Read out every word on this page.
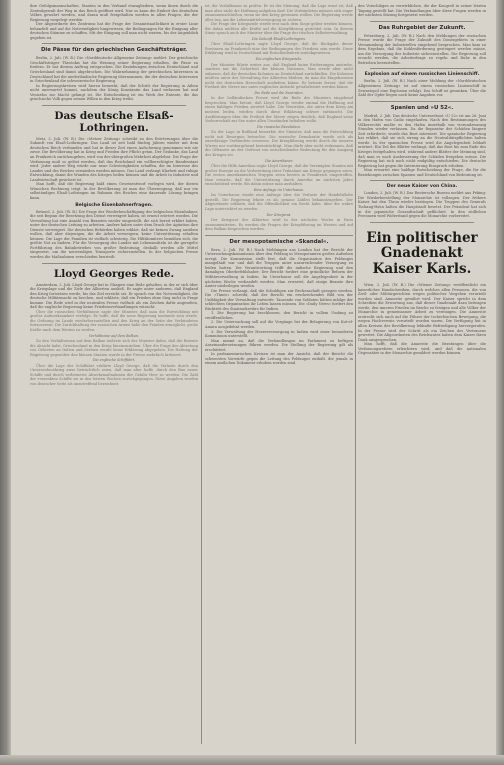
ihre Gefolgsmannschaften, Staaten in den Verband einzugliedern, wenn ihnen durch die Zentralgewalt der Weg in das Reich geöffnet wird. Nur so kann die Einheit des deutschen Volkes gewahrt werden, und daran muß festgehalten werden in allen Fragen, die der Regierung vorgelegt werden.

Der Abgeordnete des Zentrums hat die Frage der Gesamtstaatlichkeit in erster Linie behandelt und auf die Notwendigkeit hingewiesen, die Bedingungen für die Einigung aller deutschen Stämme zu schaffen. Mit der Einigung soll man nicht warten, bis der Augenblick gegeben ist.

Die Pässe für den griechischen Geschäftsträger.

Berlin, 2. Juli. (W. B.) Die »Norddeutsche Allgemeine Zeitung« meldet: Der griechische Geschäftsträger Theotokis hat die Weisung seiner Regierung erhalten, die Pässe zu fordern. Er hat diesem Auftrag entsprochen. Die Beziehungen zwischen Deutschland und Griechenland sind damit abgebrochen. Die Wahrnehmung der griechischen Interessen in Deutschland hat die niederländische Regierung übernommen, die der deutschen Interessen in Griechenland die schweizerische Regierung.

In Regierungskreisen wird hierzu bemerkt, daß der Schritt der Regierung in Athen nicht unerwartet kommt, nachdem der König Konstantin das Land verlassen hat und Venizelos zur Macht gelangt ist. Die Entscheidung ist ein Werk der Entente, die das griechische Volk gegen seinen Willen in den Krieg treibt.

Das deutsche Elsaß-Lothringen.

Metz, 2. Juli. (W. B.) Die »Metzer Zeitung« schreibt zu den Erörterungen über die Zukunft von Elsaß-Lothringen: Das Land ist seit bald fünfzig Jahren wieder mit dem deutschen Reich verbunden und hat in dieser Zeit einen Aufschwung genommen wie nie zuvor. Die Bevölkerung hat in Krieg und Frieden ihre Pflicht getan. Der Gedanke, das Land an Frankreich zurückzugeben, wird von der übergroßen Mehrheit abgelehnt. Die Frage der Verfassung muß so gelöst werden, daß das Reichsland ein vollberechtigter Bundesstaat wird. Jeder andere Weg würde nur neue Schwierigkeiten schaffen, die im Interesse des Landes und des Reiches vermieden werden müssen. Das Land verlangt Klarheit und ruhige Entwicklung, damit die Wunden des Krieges heilen können und die Arbeit in Industrie und Landwirtschaft gesichert ist.

Man hofft, daß die Regierung bald einen Gesetzentwurf vorlegen wird, der diesen Wünschen Rechnung trägt. In der Bevölkerung ist man der Überzeugung, daß nur ein selbständiges Elsaß-Lothringen im Rahmen des Reiches eine dauernde Lösung bringen kann.

Belgische Eisenbahnerfragen.

Brüssel, 2. Juli. (W. B.) Die Frage der Wiederbeschäftigung der belgischen Eisenbahner, die seit Beginn der Besetzung den Dienst verweigert haben, ist erneut erörtert worden. Die Verwaltung hat eine Anzahl von Beamten wieder eingestellt, die sich bereit erklärt haben, unter der deutschen Leitung zu arbeiten. Andere haben unter dem Druck der Agitation ihre Dienste verweigert. Die deutschen Behörden haben erklärt, daß sie keinen Zwang ausüben wollen, daß aber diejenigen, die die Arbeit verweigern, keine Unterstützung erhalten können. Die Lage der Familien ist vielfach schwierig. Die Hilfskomitees bemühen sich, die größte Not zu lindern. Für die Versorgung des Landes mit Lebensmitteln ist die geregelte Fortführung des Bahnbetriebes von großer Bedeutung; deshalb werden alle Mittel eingesetzt, um die notwendigen Transporte sicherzustellen. In der belgischen Presse werden die Maßnahmen verschieden beurteilt.

Lloyd Georges Rede.

Amsterdam, 2. Juli. Lloyd George hat in Glasgow eine Rede gehalten, in der er sich über die Kriegslage und die Ziele der Alliierten ausließ. Er sagte unter anderem, daß England den Krieg fortsetzen werde, bis das Ziel erreicht sei. Er sprach von der Notwendigkeit, die deutsche Militärmacht zu brechen, und erklärte, daß ein Frieden ohne Sieg nicht in Frage komme. Die Rede wird in der neutralen Presse vielfach als ein Zeichen dafür angesehen, daß die englische Regierung keine Friedensverhandlungen wünscht.

Über die russischen Verhältnisse sagte der Minister, daß man die Entwicklung mit großer Aufmerksamkeit verfolge. Er hoffe, daß die neue Regierung imstande sein werde, die Ordnung im Lande wiederherzustellen und den Krieg an der Seite der Verbündeten fortzusetzen. Die Zurückhaltung der russischen Armee habe den Feinden ermöglicht, große Kräfte nach dem Westen zu werfen.

Verhältnisse auf dem Balkan.

Zu den Verhältnissen auf dem Balkan äußerte sich der Minister dahin, daß die Entente die Absicht habe, Griechenland in den Krieg hineinzuziehen. Über die Frage der Abtretung von Gebieten an Italien und Serbien wurde keine Erklärung abgegeben. Die Haltung der Regierung gegenüber den kleinen Staaten wurde in der Presse mehrfach kritisiert.

Die englische Schiffahrt.

Über die Lage der Schiffahrt erklärte Lloyd George, daß die Verluste durch den Unterseebootkrieg zwar beträchtlich seien, daß man aber hoffe, durch den Bau neuer Schiffe und durch verbesserte Abwehrmaßnahmen der Gefahr Herr zu werden. Die Zahl der versenkten Schiffe sei in den letzten Wochen zurückgegangen. Diese Angaben werden von deutscher Seite als unzutreffend bezeichnet.

ist, die Verhältnisse zu prüfen. Er ist der Meinung, daß die Lage ernst ist, daß man aber nicht die Hoffnung aufgeben darf. Die Verbündeten müssen sich enger zusammenschließen, wenn sie den Krieg gewinnen wollen. Die Regierung werde alles tun, um die Lebensmittelversorgung zu sichern.

Die Frage der Kriegsziele werde erst nach dem Siege gelöst werden können. Bis dahin müßten alle Kräfte auf die Kriegführung gerichtet sein. In diesem Sinne sprach auch der Minister über die Frage der irischen Selbstverwaltung.

Die Zukunft Elsaß-Lothringens.

Über Elsaß-Lothringen sagte Lloyd George, daß die Rückgabe dieser Provinzen an Frankreich eine der Bedingungen des Friedens sein werde. Diese Erklärung wird in Deutschland mit Entschiedenheit zurückgewiesen.

Die englischen Kriegsziele.

Der Minister führte weiter aus, daß England keine Eroberungen anstrebe, sondern nur die Sicherheit der kleinen Nationen. Man werde aber nicht zulassen, daß die deutschen Kolonien an Deutschland zurückfallen. Die Kolonien müßten unter der Verwaltung der Alliierten bleiben, da man die Eingeborenen nicht der deutschen Herrschaft ausliefern könne. Er betonte ferner, daß die Freiheit der Meere nur unter englischer Aufsicht gewährleistet werden könne.

Die Rede und die Neutralen.

In der holländischen Presse wird die Rede des Ministers eingehend besprochen. Man betont, daß Lloyd George wieder einmal die Hoffnung auf einen baldigen Frieden zerstört habe. Die Neutralen, die unter dem Krieg am meisten leiden, würden durch diese Erklärung schwer enttäuscht. Die Ausführungen über die Freiheit der Meere zeigen deutlich, daß England seine Vorherrschaft zur See unter allen Umständen behalten wolle.

Die russische Revolution.

Zu der Lage in Rußland bemerkte der Minister, daß man die Entwicklung nicht mit Besorgnis betrachte. Die russische Demokratie werde sich als zuverlässige Verbündete erweisen. Die Kriegführung werde durch die inneren Wirren nur vorübergehend beeinträchtigt. Man dürfe aber nicht verkennen, daß die Offensive an der Ostfront von entscheidender Bedeutung für den Ausgang des Krieges sei.

Die Amerikaner.

Über die Hilfe Amerikas sagte Lloyd George, daß die Vereinigten Staaten mit großer Energie an die Vorbereitung ihrer Teilnahme am Kriege gegangen seien. Die ersten amerikanischen Truppen seien bereits in Frankreich eingetroffen. Man erwarte, daß die Unterstützung durch Amerika im nächsten Jahre entscheidend werde. Bis dahin müsse man aushalten.

Eine Anfrage im Unterhause.

Im Unterhause wurde eine Anfrage über die Verluste der Handelsflotte gestellt. Die Regierung lehnte es ab, genaue Zahlen bekanntzugeben. Der Abgeordnete erklärte, daß die Öffentlichkeit ein Recht habe, über die wahre Lage unterrichtet zu werden.

Der Kriegsrat.

Der Kriegsrat der Alliierten wird in der nächsten Woche in Paris zusammentreten. Es werden die Fragen der Kriegführung im Westen und auf dem Balkan besprochen werden.

Der mesopotamische »Skandal«.

Bern, 2. Juli. (W. B.) Nach Meldungen aus London hat der Bericht der Untersuchungskommission über den Feldzug in Mesopotamien großes Aufsehen erregt. Die Kommission stellt fest, daß die Organisation des Feldzuges mangelhaft war und daß die Truppen unter unzureichender Versorgung zu leiden hatten. Die Verantwortung trifft die indische Regierung und den damaligen Oberbefehlshaber. Der Bericht fordert eine gründliche Reform der Militärverwaltung in Indien. Im Unterhause soll die Angelegenheit in der nächsten Woche verhandelt werden. Man erwartet, daß einige Beamte ihre Ämter niederlegen werden.

Die Presse verlangt, daß die Schuldigen zur Rechenschaft gezogen werden. Die »Times« schreibt, daß der Bericht ein erschreckendes Bild von der Unfähigkeit der Verwaltung entwerfe. Tausende von Soldaten hätten infolge der schlechten Organisation ihr Leben lassen müssen. Die »Daily News« fordert den Rücktritt des Staatssekretärs für Indien.

1. Die Regierung hat beschlossen, den Bericht in vollem Umfang zu veröffentlichen.

2. Die Untersuchung soll auf die Vorgänge bei der Belagerung von Kut-el-Amara ausgedehnt werden.

3. Die Verwaltung der Heeresversorgung in Indien wird einer besonderen Kommission unterstellt.

Man nimmt an, daß die Verhandlungen im Parlament zu heftigen Auseinandersetzungen führen werden. Die Stellung der Regierung gilt als erschüttert.

In parlamentarischen Kreisen ist man der Ansicht, daß der Bericht die schwersten Vorwürfe gegen die Leitung des Feldzuges enthält, die jemals in einem amtlichen Dokument erhoben worden sind.

den Vorschlägen zu verwirklichen, die der Kongreß in seiner letzten Tagung gestellt hat. Die Verhandlungen über diese Fragen werden in der nächsten Sitzung fortgesetzt werden.

Das Ruhrgebiet der Zukunft.

Petersburg, 2. Juli. (W. B.) Nach den Meldungen der russischen Presse wurde die Frage der Zukunft des Donezgebiets in einer Versammlung der Industriellen eingehend besprochen. Man kam zu dem Ergebnis, daß die Kohlenförderung gesteigert werden müsse, um die Versorgung der Industrie sicherzustellen. Die Regierung soll ersucht werden, die Arbeiterfrage zu regeln und Ruhe in den Betrieben herzustellen.

Explosion auf einem russischen Linienschiff.

Berlin, 2. Juli. (W. B.) Nach einer Meldung der »Norddeutschen Allgemeinen Zeitung« ist auf einem russischen Linienschiff in Sewastopol eine Explosion erfolgt. Das Schiff ist gesunken. Über die Zahl der Opfer liegen noch keine Angaben vor.

Spanien und »U 52«.

Madrid, 2. Juli. Das deutsche Unterseeboot »U 52« ist am 26. Juni in den Hafen von Cadiz eingelaufen. Nach den Bestimmungen des Völkerrechts mußte es den Hafen innerhalb von vierundzwanzig Stunden wieder verlassen. Da die Reparatur der Schäden längere Zeit erforderte, wurde das Boot interniert. Die spanische Regierung hat erklärt, daß sie sich streng an die Neutralitätspflichten halten werde. In der spanischen Presse wird die Angelegenheit lebhaft erörtert. Ein Teil der Blätter verlangt, daß das Boot bis zum Ende des Krieges festgehalten wird, während andere Blätter der Meinung sind, daß man es nach Ausbesserung der Schäden freigeben müsse. Die Regierung hat sich noch nicht endgültig entschieden. Die deutsche Regierung hat gegen die Internierung Einspruch erhoben.

Man erwartet eine baldige Entscheidung der Frage, die für die Beziehungen zwischen Spanien und Deutschland von Bedeutung ist.

Der neue Kaiser von China.

London, 2. Juli. (W. B.) Das Reutersche Bureau meldet aus Peking: Die Wiederherstellung der Monarchie ist vollzogen. Der frühere Kaiser hat den Thron wieder bestiegen. Die Truppen des Generals Tschang-Hsün halten die Hauptstadt besetzt. Der Präsident hat sich in die japanische Gesandtschaft geflüchtet. In den südlichen Provinzen wird Widerstand gegen die Monarchie vorbereitet.

Ein politischer Gnadenakt Kaiser Karls.

Wien, 2. Juli. (W. B.) Die »Wiener Zeitung« veröffentlicht ein kaiserliches Handschreiben, durch welches allen Personen, die von Zivil- oder Militärgerichten wegen politischer Vergehen verurteilt worden sind, Amnestie gewährt wird. Der Kaiser spricht in dem Schreiben die Erwartung aus, daß dieser Gnadenakt dazu beitragen werde, den inneren Frieden im Reiche zu festigen und alle Völker der Monarchie in gemeinsamer Arbeit zu vereinigen. Die Amnestie erstreckt sich auch auf die Führer der tschechischen Bewegung, die wegen Hochverrats verurteilt worden waren. Die Verfügung hat in allen Kreisen der Bevölkerung lebhafte Befriedigung hervorgerufen. In der Presse wird der Schritt als ein Zeichen des Vertrauens gewertet. Die Abgeordneten des Reichsrates haben dem Kaiser ihren Dank ausgesprochen.

Man hofft, daß die Amnestie die Beratungen über die Verfassungsreform erleichtern wird, und daß die nationalen Gegensätze in der Monarchie gemildert werden können.
